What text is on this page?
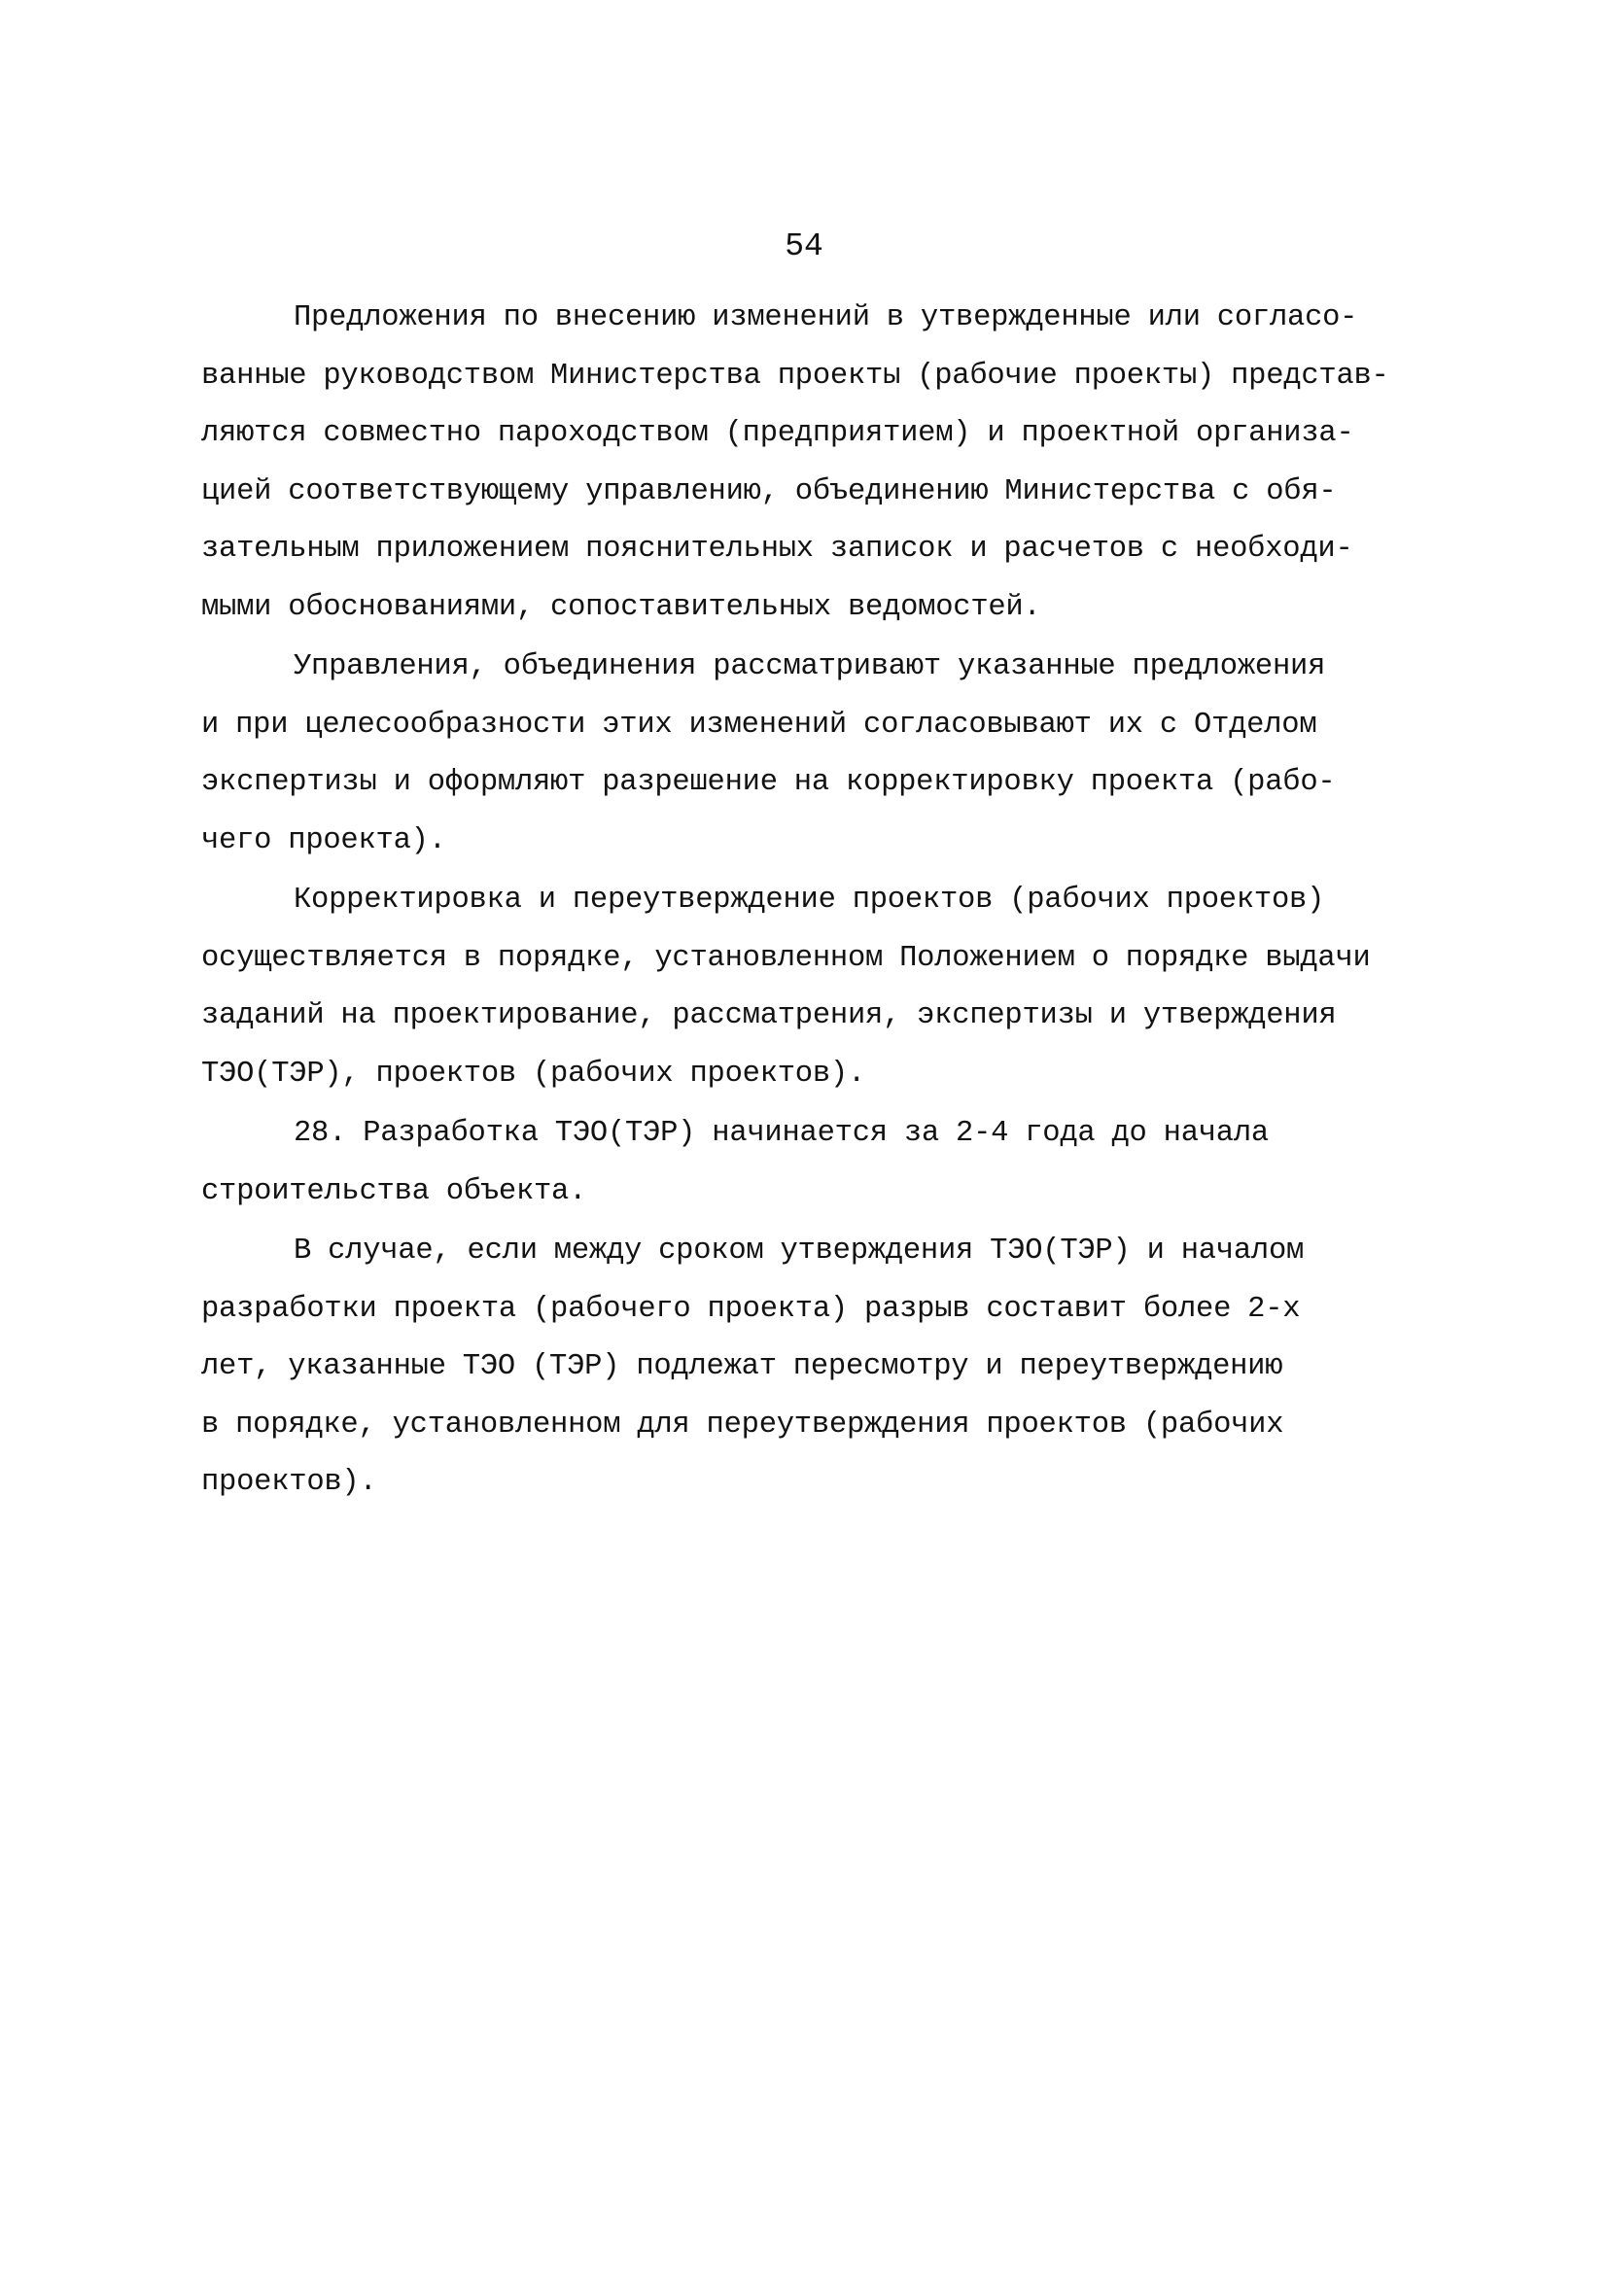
54
Предложения по внесению изменений в утвержденные или согласо-
ванные руководством Министерства проекты (рабочие проекты) представ-
ляются совместно пароходством (предприятием) и проектной организа-
цией соответствующему управлению, объединению Министерства с обя-
зательным приложением пояснительных записок и расчетов с необходи-
мыми обоснованиями, сопоставительных ведомостей.
Управления, объединения рассматривают указанные предложения
и при целесообразности этих изменений согласовывают их с Отделом
экспертизы и оформляют разрешение на корректировку проекта (рабо-
чего проекта).
Корректировка и переутверждение проектов (рабочих проектов)
осуществляется в порядке, установленном Положением о порядке выдачи
заданий на проектирование, рассматрения, экспертизы и утверждения
ТЭО(ТЭР), проектов (рабочих проектов).
28. Разработка ТЭО(ТЭР) начинается за 2-4 года до начала
строительства объекта.
В случае, если между сроком утверждения ТЭО(ТЭР) и началом
разработки проекта (рабочего проекта) разрыв составит более 2-х
лет, указанные ТЭО (ТЭР) подлежат пересмотру и переутверждению
в порядке, установленном для переутверждения проектов (рабочих
проектов).
